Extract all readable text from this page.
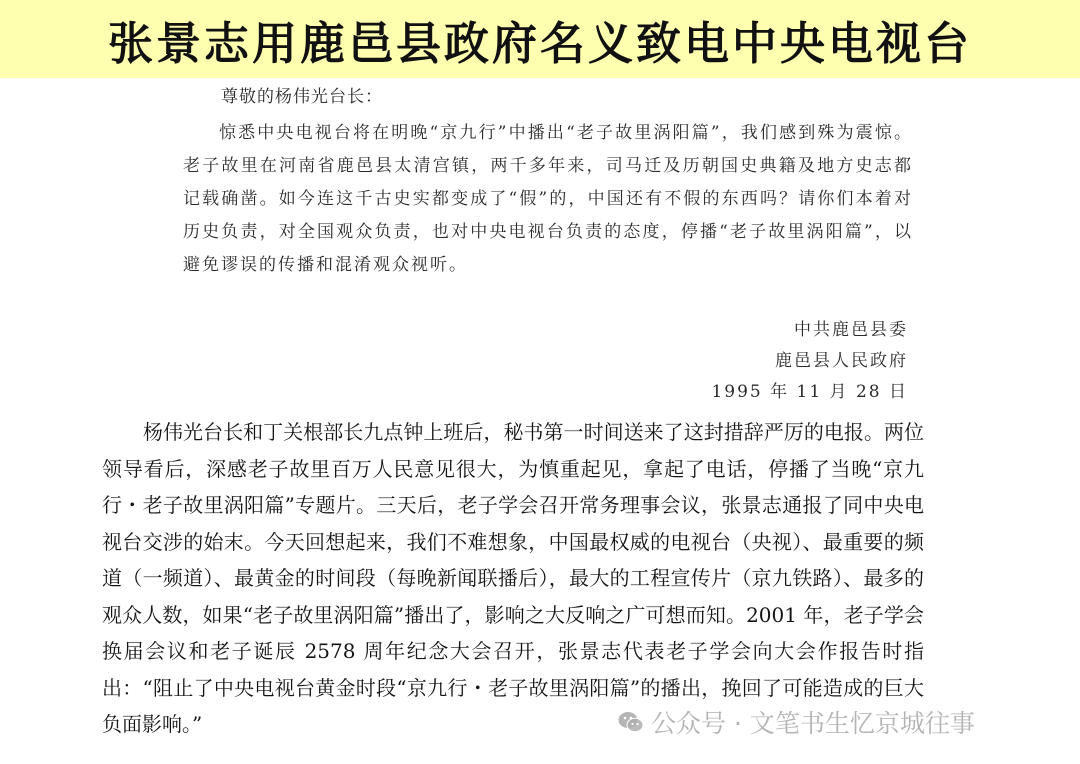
张景志用鹿邑县政府名义致电中央电视台

尊敬的杨伟光台长：

惊悉中央电视台将在明晚“京九行”中播出“老子故里涡阳篇”，我们感到殊为震惊。老子故里在河南省鹿邑县太清宫镇，两千多年来，司马迁及历朝国史典籍及地方史志都记载确凿。如今连这千古史实都变成了“假”的，中国还有不假的东西吗？请你们本着对历史负责，对全国观众负责，也对中央电视台负责的态度，停播“老子故里涡阳篇”，以避免谬误的传播和混淆观众视听。

中共鹿邑县委
鹿邑县人民政府
1995 年 11 月 28 日

杨伟光台长和丁关根部长九点钟上班后，秘书第一时间送来了这封措辞严厉的电报。两位领导看后，深感老子故里百万人民意见很大，为慎重起见，拿起了电话，停播了当晚“京九行・老子故里涡阳篇”专题片。三天后，老子学会召开常务理事会议，张景志通报了同中央电视台交涉的始末。今天回想起来，我们不难想象，中国最权威的电视台（央视）、最重要的频道（一频道）、最黄金的时间段（每晚新闻联播后），最大的工程宣传片（京九铁路）、最多的观众人数，如果“老子故里涡阳篇”播出了，影响之大反响之广可想而知。2001 年，老子学会换届会议和老子诞辰 2578 周年纪念大会召开，张景志代表老子学会向大会作报告时指出：“阻止了中央电视台黄金时段“京九行・老子故里涡阳篇”的播出，挽回了可能造成的巨大负面影响。”	公众号 · 文笔书生忆京城往事
